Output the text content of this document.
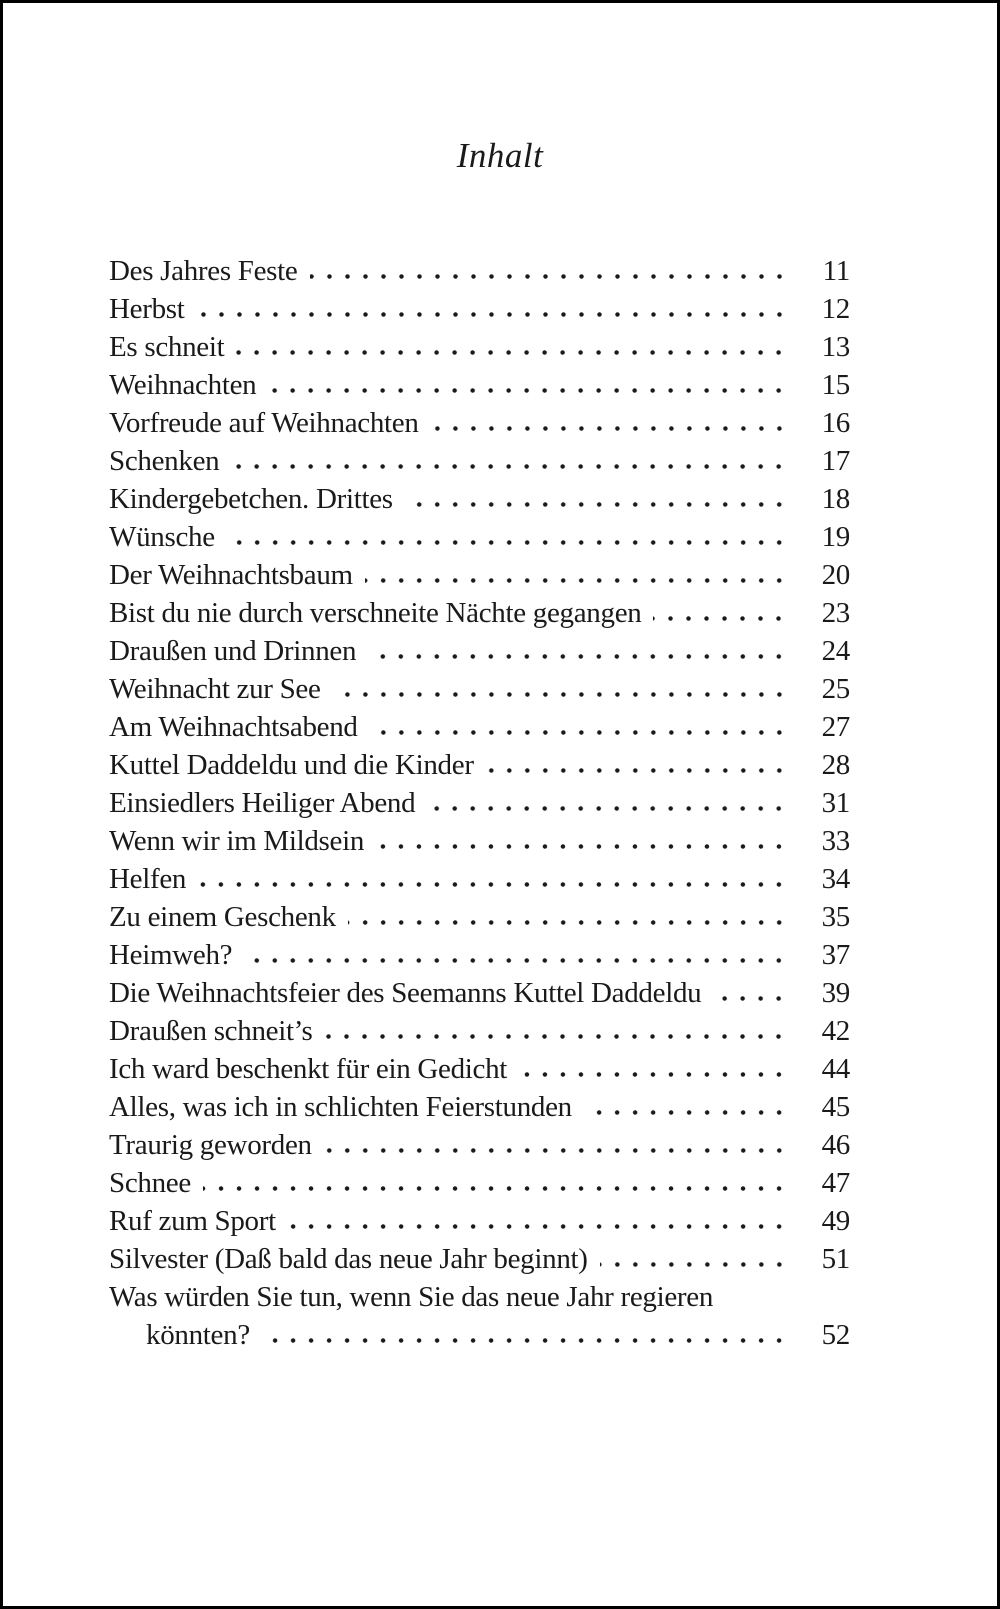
Inhalt
Des Jahres Feste	11
Herbst	12
Es schneit	13
Weihnachten	15
Vorfreude auf Weihnachten	16
Schenken	17
Kindergebetchen. Drittes	18
Wünsche	19
Der Weihnachtsbaum	20
Bist du nie durch verschneite Nächte gegangen	23
Draußen und Drinnen	24
Weihnacht zur See	25
Am Weihnachtsabend	27
Kuttel Daddeldu und die Kinder	28
Einsiedlers Heiliger Abend	31
Wenn wir im Mildsein	33
Helfen	34
Zu einem Geschenk	35
Heimweh?	37
Die Weihnachtsfeier des Seemanns Kuttel Daddeldu	39
Draußen schneit’s	42
Ich ward beschenkt für ein Gedicht	44
Alles, was ich in schlichten Feierstunden	45
Traurig geworden	46
Schnee	47
Ruf zum Sport	49
Silvester (Daß bald das neue Jahr beginnt)	51
Was würden Sie tun, wenn Sie das neue Jahr regieren
könnten?	52
